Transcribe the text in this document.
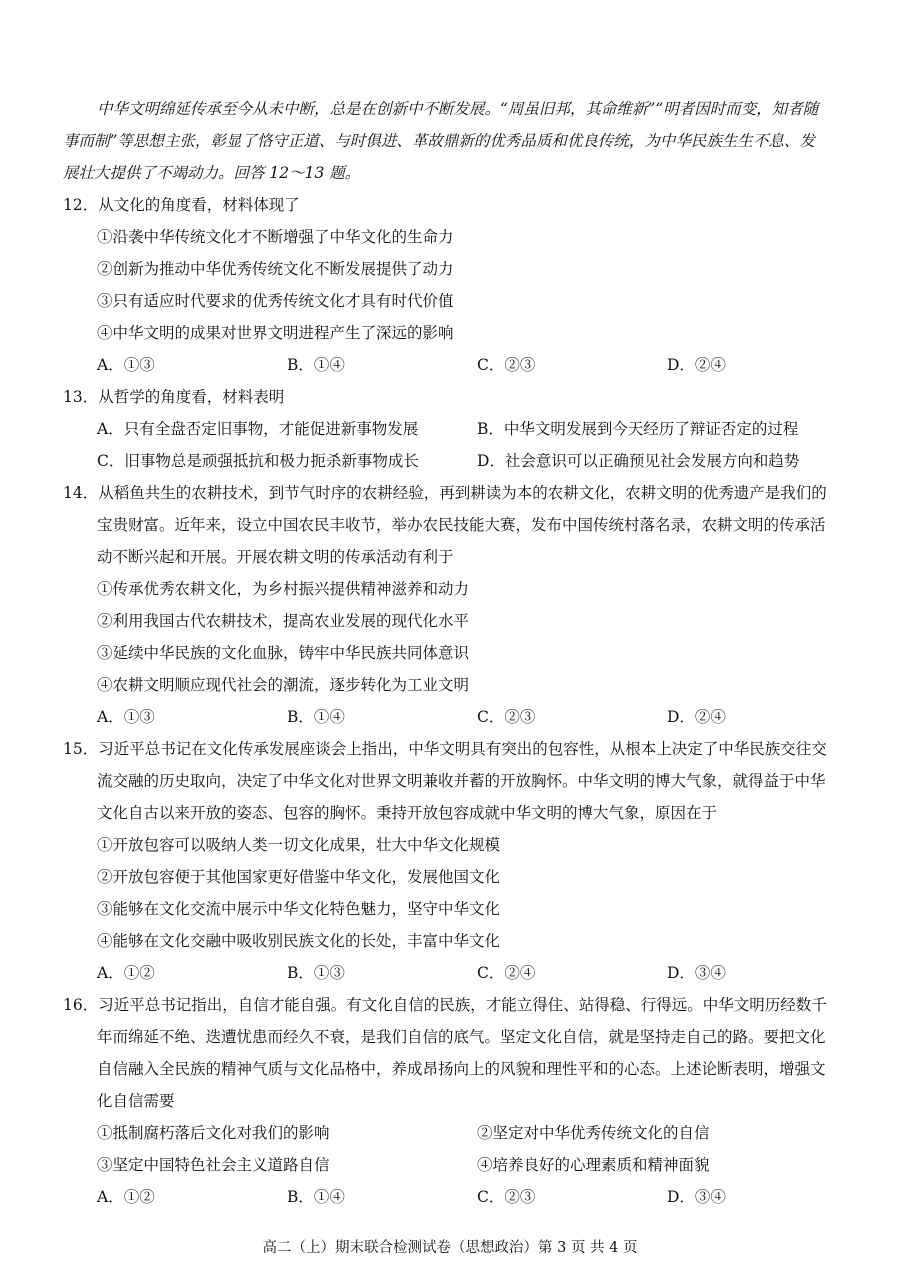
中华文明绵延传承至今从未中断，总是在创新中不断发展。“周虽旧邦，其命维新”“明者因时而变，知者随
事而制”等思想主张，彰显了恪守正道、与时俱进、革故鼎新的优秀品质和优良传统，为中华民族生生不息、发
展壮大提供了不竭动力。回答 12～13 题。
12．从文化的角度看，材料体现了
①沿袭中华传统文化才不断增强了中华文化的生命力
②创新为推动中华优秀传统文化不断发展提供了动力
③只有适应时代要求的优秀传统文化才具有时代价值
④中华文明的成果对世界文明进程产生了深远的影响
A．①③	B．①④	C．②③	D．②④
13．从哲学的角度看，材料表明
A．只有全盘否定旧事物，才能促进新事物发展	B．中华文明发展到今天经历了辩证否定的过程
C．旧事物总是顽强抵抗和极力扼杀新事物成长	D．社会意识可以正确预见社会发展方向和趋势
14．从稻鱼共生的农耕技术，到节气时序的农耕经验，再到耕读为本的农耕文化，农耕文明的优秀遗产是我们的
宝贵财富。近年来，设立中国农民丰收节，举办农民技能大赛，发布中国传统村落名录，农耕文明的传承活
动不断兴起和开展。开展农耕文明的传承活动有利于
①传承优秀农耕文化，为乡村振兴提供精神滋养和动力
②利用我国古代农耕技术，提高农业发展的现代化水平
③延续中华民族的文化血脉，铸牢中华民族共同体意识
④农耕文明顺应现代社会的潮流，逐步转化为工业文明
A．①③	B．①④	C．②③	D．②④
15．习近平总书记在文化传承发展座谈会上指出，中华文明具有突出的包容性，从根本上决定了中华民族交往交
流交融的历史取向，决定了中华文化对世界文明兼收并蓄的开放胸怀。中华文明的博大气象，就得益于中华
文化自古以来开放的姿态、包容的胸怀。秉持开放包容成就中华文明的博大气象，原因在于
①开放包容可以吸纳人类一切文化成果，壮大中华文化规模
②开放包容便于其他国家更好借鉴中华文化，发展他国文化
③能够在文化交流中展示中华文化特色魅力，坚守中华文化
④能够在文化交融中吸收别民族文化的长处，丰富中华文化
A．①②	B．①③	C．②④	D．③④
16．习近平总书记指出，自信才能自强。有文化自信的民族，才能立得住、站得稳、行得远。中华文明历经数千
年而绵延不绝、迭遭忧患而经久不衰，是我们自信的底气。坚定文化自信，就是坚持走自己的路。要把文化
自信融入全民族的精神气质与文化品格中，养成昂扬向上的风貌和理性平和的心态。上述论断表明，增强文
化自信需要
①抵制腐朽落后文化对我们的影响	②坚定对中华优秀传统文化的自信
③坚定中国特色社会主义道路自信	④培养良好的心理素质和精神面貌
A．①②	B．①④	C．②③	D．③④
高二（上）期末联合检测试卷（思想政治）第 3 页 共 4 页
